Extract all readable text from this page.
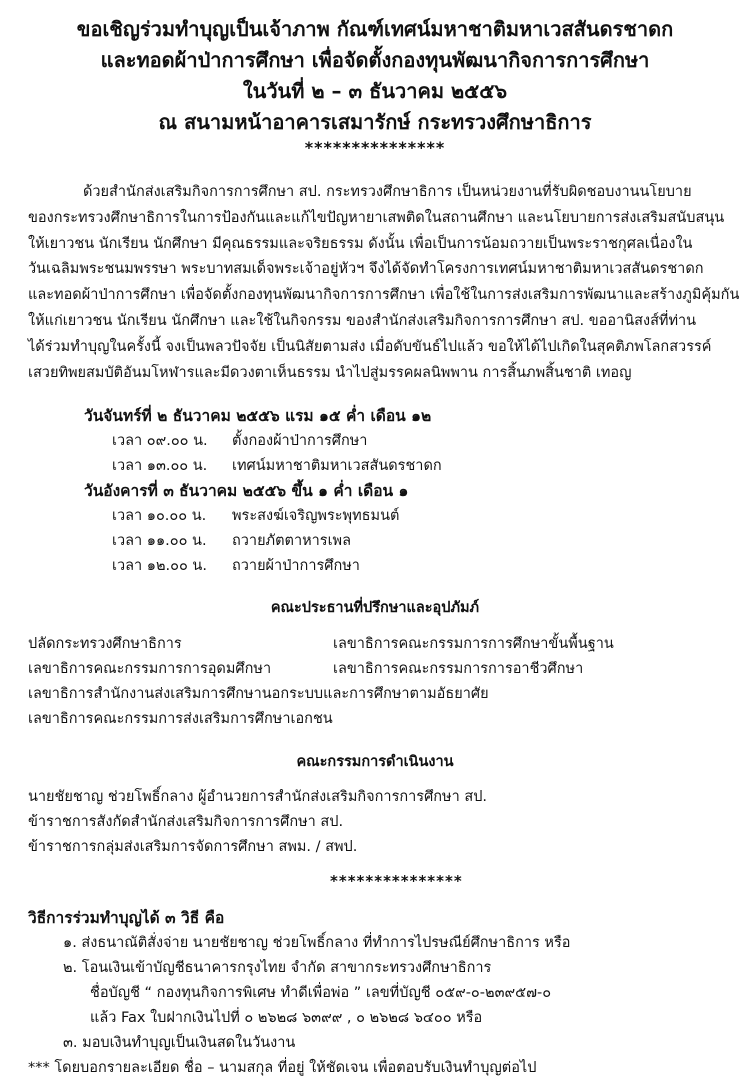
ขอเชิญร่วมทำบุญเป็นเจ้าภาพ กัณฑ์เทศน์มหาชาติมหาเวสสันดรชาดก
และทอดผ้าป่าการศึกษา เพื่อจัดตั้งกองทุนพัฒนากิจการการศึกษา
ในวันที่ ๒ – ๓ ธันวาคม ๒๕๕๖
ณ สนามหน้าอาคารเสมารักษ์ กระทรวงศึกษาธิการ
***************
ด้วยสำนักส่งเสริมกิจการการศึกษา สป. กระทรวงศึกษาธิการ เป็นหน่วยงานที่รับผิดชอบงานนโยบาย
ของกระทรวงศึกษาธิการในการป้องกันและแก้ไขปัญหายาเสพติดในสถานศึกษา และนโยบายการส่งเสริมสนับสนุน
ให้เยาวชน นักเรียน นักศึกษา มีคุณธรรมและจริยธรรม ดังนั้น เพื่อเป็นการน้อมถวายเป็นพระราชกุศลเนื่องใน
วันเฉลิมพระชนมพรรษา พระบาทสมเด็จพระเจ้าอยู่หัวฯ จึงได้จัดทำโครงการเทศน์มหาชาติมหาเวสสันดรชาดก
และทอดผ้าป่าการศึกษา เพื่อจัดตั้งกองทุนพัฒนากิจการการศึกษา เพื่อใช้ในการส่งเสริมการพัฒนาและสร้างภูมิคุ้มกัน
ให้แก่เยาวชน นักเรียน นักศึกษา และใช้ในกิจกรรม ของสำนักส่งเสริมกิจการการศึกษา สป. ขออานิสงส์ที่ท่าน
ได้ร่วมทำบุญในครั้งนี้ จงเป็นพลวปัจจัย เป็นนิสัยตามส่ง เมื่อดับขันธ์ไปแล้ว ขอให้ได้ไปเกิดในสุคติภพโลกสวรรค์
เสวยทิพยสมบัติอันมโหฬารและมีดวงตาเห็นธรรม นำไปสู่มรรคผลนิพพาน การสิ้นภพสิ้นชาติ เทอญ
วันจันทร์ที่ ๒ ธันวาคม ๒๕๕๖ แรม ๑๕ ค่ำ เดือน ๑๒
เวลา ๐๙.๐๐ น. ตั้งกองผ้าป่าการศึกษา
เวลา ๑๓.๐๐ น. เทศน์มหาชาติมหาเวสสันดรชาดก
วันอังคารที่ ๓ ธันวาคม ๒๕๕๖ ขึ้น ๑ ค่ำ เดือน ๑
เวลา ๑๐.๐๐ น. พระสงฆ์เจริญพระพุทธมนต์
เวลา ๑๑.๐๐ น. ถวายภัตตาหารเพล
เวลา ๑๒.๐๐ น. ถวายผ้าป่าการศึกษา
คณะประธานที่ปรึกษาและอุปภัมภ์
ปลัดกระทรวงศึกษาธิการ	เลขาธิการคณะกรรมการการศึกษาขั้นพื้นฐาน
เลขาธิการคณะกรรมการการอุดมศึกษา	เลขาธิการคณะกรรมการการอาชีวศึกษา
เลขาธิการสำนักงานส่งเสริมการศึกษานอกระบบและการศึกษาตามอัธยาศัย
เลขาธิการคณะกรรมการส่งเสริมการศึกษาเอกชน
คณะกรรมการดำเนินงาน
นายชัยชาญ ช่วยโพธิ์กลาง ผู้อำนวยการสำนักส่งเสริมกิจการการศึกษา สป.
ข้าราชการสังกัดสำนักส่งเสริมกิจการการศึกษา สป.
ข้าราชการกลุ่มส่งเสริมการจัดการศึกษา สพม. / สพป.
***************
วิธีการร่วมทำบุญได้ ๓ วิธี คือ
๑. ส่งธนาณัติสั่งจ่าย นายชัยชาญ ช่วยโพธิ์กลาง ที่ทำการไปรษณีย์ศึกษาธิการ หรือ
๒. โอนเงินเข้าบัญชีธนาคารกรุงไทย จำกัด สาขากระทรวงศึกษาธิการ
ชื่อบัญชี “ กองทุนกิจการพิเศษ ทำดีเพื่อพ่อ ” เลขที่บัญชี ๐๕๙-๐-๒๓๙๕๗-๐
แล้ว Fax ใบฝากเงินไปที่ ๐ ๒๖๒๘ ๖๓๙๙ , ๐ ๒๖๒๘ ๖๔๐๐ หรือ
๓. มอบเงินทำบุญเป็นเงินสดในวันงาน
*** โดยบอกรายละเอียด ชื่อ – นามสกุล ที่อยู่ ให้ชัดเจน เพื่อตอบรับเงินทำบุญต่อไป
